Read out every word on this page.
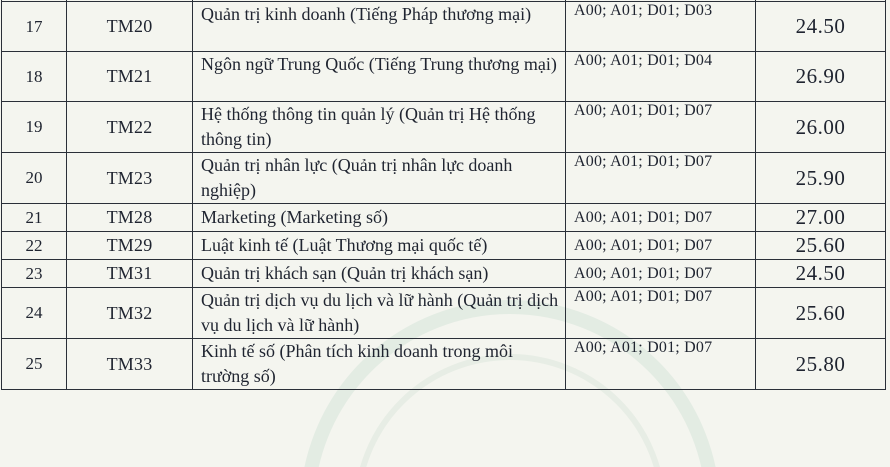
17	TM20	Quản trị kinh doanh (Tiếng Pháp thương mại)	A00; A01; D01; D03	24.50
18	TM21	Ngôn ngữ Trung Quốc (Tiếng Trung thương mại)	A00; A01; D01; D04	26.90
19	TM22	Hệ thống thông tin quản lý (Quản trị Hệ thống thông tin)	A00; A01; D01; D07	26.00
20	TM23	Quản trị nhân lực (Quản trị nhân lực doanh nghiệp)	A00; A01; D01; D07	25.90
21	TM28	Marketing (Marketing số)	A00; A01; D01; D07	27.00
22	TM29	Luật kinh tế (Luật Thương mại quốc tế)	A00; A01; D01; D07	25.60
23	TM31	Quản trị khách sạn (Quản trị khách sạn)	A00; A01; D01; D07	24.50
24	TM32	Quản trị dịch vụ du lịch và lữ hành (Quản trị dịch vụ du lịch và lữ hành)	A00; A01; D01; D07	25.60
25	TM33	Kinh tế số (Phân tích kinh doanh trong môi trường số)	A00; A01; D01; D07	25.80
